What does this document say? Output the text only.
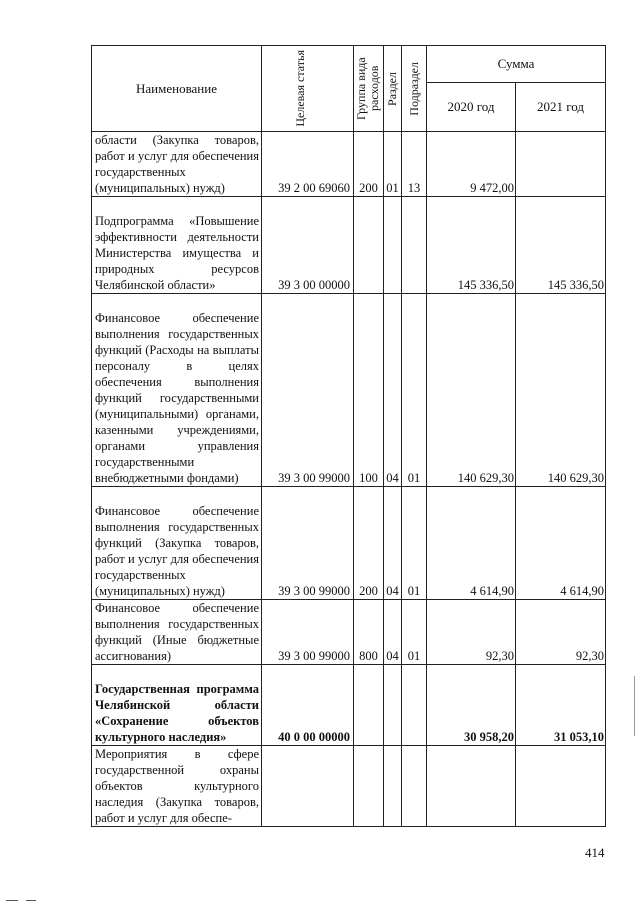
Наименование	Целевая статья	Группа вида расходов	Раздел	Подраздел	Сумма	
					2020 год	2021 год
области (Закупка товаров, работ и услуг для обеспечения государственных (муниципальных) нужд)	39 2 00 69060	200	01	13	9 472,00	
Подпрограмма «Повышение эффективности деятельности Министерства имущества и природных ресурсов Челябинской области»	39 3 00 00000				145 336,50	145 336,50
Финансовое обеспечение выполнения государственных функций (Расходы на выплаты персоналу в целях обеспечения выполнения функций государственными (муниципальными) органами, казенными учреждениями, органами управления государственными внебюджетными фондами)	39 3 00 99000	100	04	01	140 629,30	140 629,30
Финансовое обеспечение выполнения государственных функций (Закупка товаров, работ и услуг для обеспечения государственных (муниципальных) нужд)	39 3 00 99000	200	04	01	4 614,90	4 614,90
Финансовое обеспечение выполнения государственных функций (Иные бюджетные ассигнования)	39 3 00 99000	800	04	01	92,30	92,30
Государственная программа Челябинской области «Сохранение объектов культурного наследия»	40 0 00 00000				30 958,20	31 053,10
Мероприятия в сфере государственной охраны объектов культурного наследия (Закупка товаров, работ и услуг для обеспе-						
414
